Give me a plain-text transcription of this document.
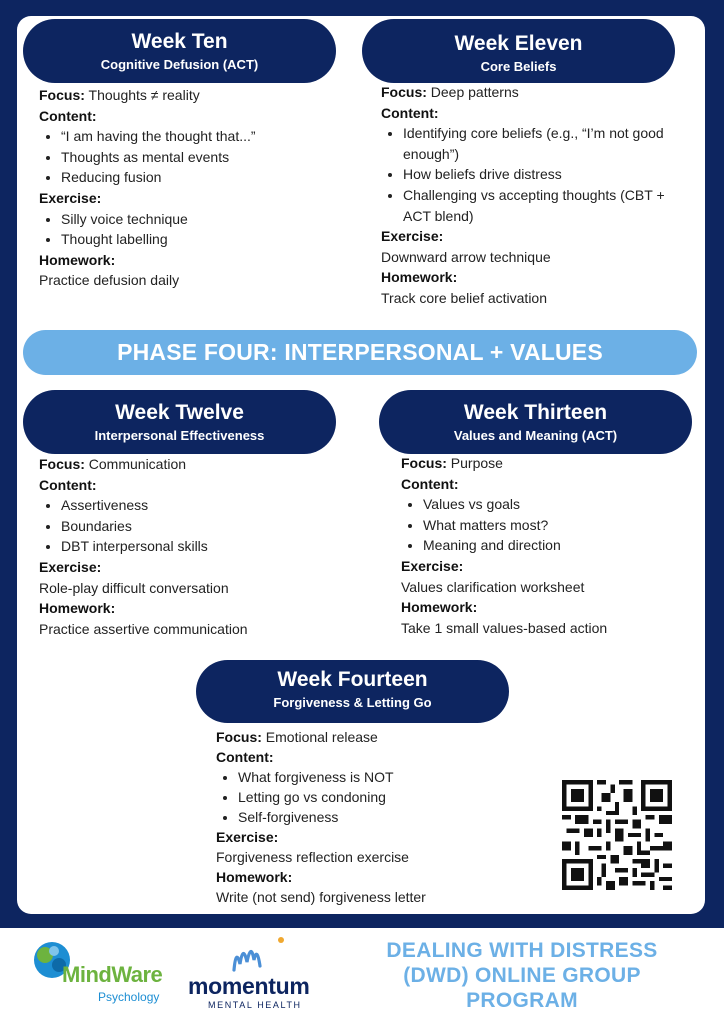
Week Ten
Cognitive Defusion (ACT)
Focus: Thoughts ≠ reality
Content:
• “I am having the thought that...”
• Thoughts as mental events
• Reducing fusion
Exercise:
• Silly voice technique
• Thought labelling
Homework:
Practice defusion daily
Week Eleven
Core Beliefs
Focus: Deep patterns
Content:
• Identifying core beliefs (e.g., “I’m not good enough”)
• How beliefs drive distress
• Challenging vs accepting thoughts (CBT + ACT blend)
Exercise:
Downward arrow technique
Homework:
Track core belief activation
PHASE FOUR: INTERPERSONAL + VALUES
Week Twelve
Interpersonal Effectiveness
Focus: Communication
Content:
• Assertiveness
• Boundaries
• DBT interpersonal skills
Exercise:
Role-play difficult conversation
Homework:
Practice assertive communication
Week Thirteen
Values and Meaning (ACT)
Focus: Purpose
Content:
• Values vs goals
• What matters most?
• Meaning and direction
Exercise:
Values clarification worksheet
Homework:
Take 1 small values-based action
Week Fourteen
Forgiveness & Letting Go
Focus: Emotional release
Content:
• What forgiveness is NOT
• Letting go vs condoning
• Self-forgiveness
Exercise:
Forgiveness reflection exercise
Homework:
Write (not send) forgiveness letter
MindWare
Psychology momentum
MENTAL HEALTH
DEALING WITH DISTRESS (DWD) ONLINE GROUP PROGRAM
